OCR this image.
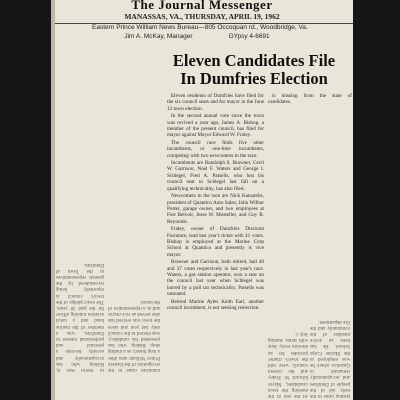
The Journal Messenger
MANASSAS, VA., THURSDAY, APRIL 19, 1962
Eastern Prince William News Bureau—805 Occoquan rd., Woodbridge, Va.
Jim A. McKay, Manager                    GYpsy 4-6691
Eleven Candidates File
In Dumfries Election

Eleven residents of Dumfries have filed for the six council seats and for mayor in the June 12 town election.

In the second annual vote since the town was revived a year ago, James A. Bishop, a member of the present council, has filed for mayor against Mayor Edward W. Fraley.

The council race finds five other incumbents, or one-time incumbents, competing with two newcomers in the race.

Incumbents are Randolph S. Brawner, Cecil W. Garrison, Noel F. Waters and George I. Schlegel, Fred A. Patsells, who lost his council seat to Schlegel last fall on a qualifying technicality, has also filed.

Newcomers in the race are Nick Katsarelis, president of Quantico Auto Sales; John Wilbur Porter, garage owner, and two employees at Fort Belvoir, Jesse W. Mosteller, and Guy R. Reynolds.

Fraley, owner of Dumfries Discount Furniture, lead last year's ticket with 41 votes. Bishop is employed at the Marine Corp School at Quantico and presently is vice mayor.

Brawner and Garrison, both retired, had 40 and 37 votes respectively in last year's race. Waters, a gas station operator, won a seat on the council last year when Schlegel was barred by a poll tax technicality. Patsells was unseated.

Retired Marine Ayles Keith Earl, another council incumbent, is not seeking reelection.

is missing from the state of candidates.

In World War II, Bishop, who has occupationally and socially become a personal and professional interest to Dumfries, was a member of the marine band and a naval aviation training officer for the past 30 years. The exact pledge of the town's council is reportedly being reconsidered by the general representatives to the Town of Dumfries.

Dumfries came to the recognition of the Eastern Prince William area after a long history as a trading shop. Bishop, who has presented his candidacy, was elected to the council only last year and since the town was revived has also served as vice mayor and as a representative of the board.

At the end of the meeting the town candidates, Mayor Edward W. Fraley and the current council, were told the town's charter provides for an election every June with terms starting July 1.

Bishop came to the early aid of the people of Dumfries and occupationally remained in Quantico where he was employed at the Marine Corps School. He has been an active member of the community and the fire department.
